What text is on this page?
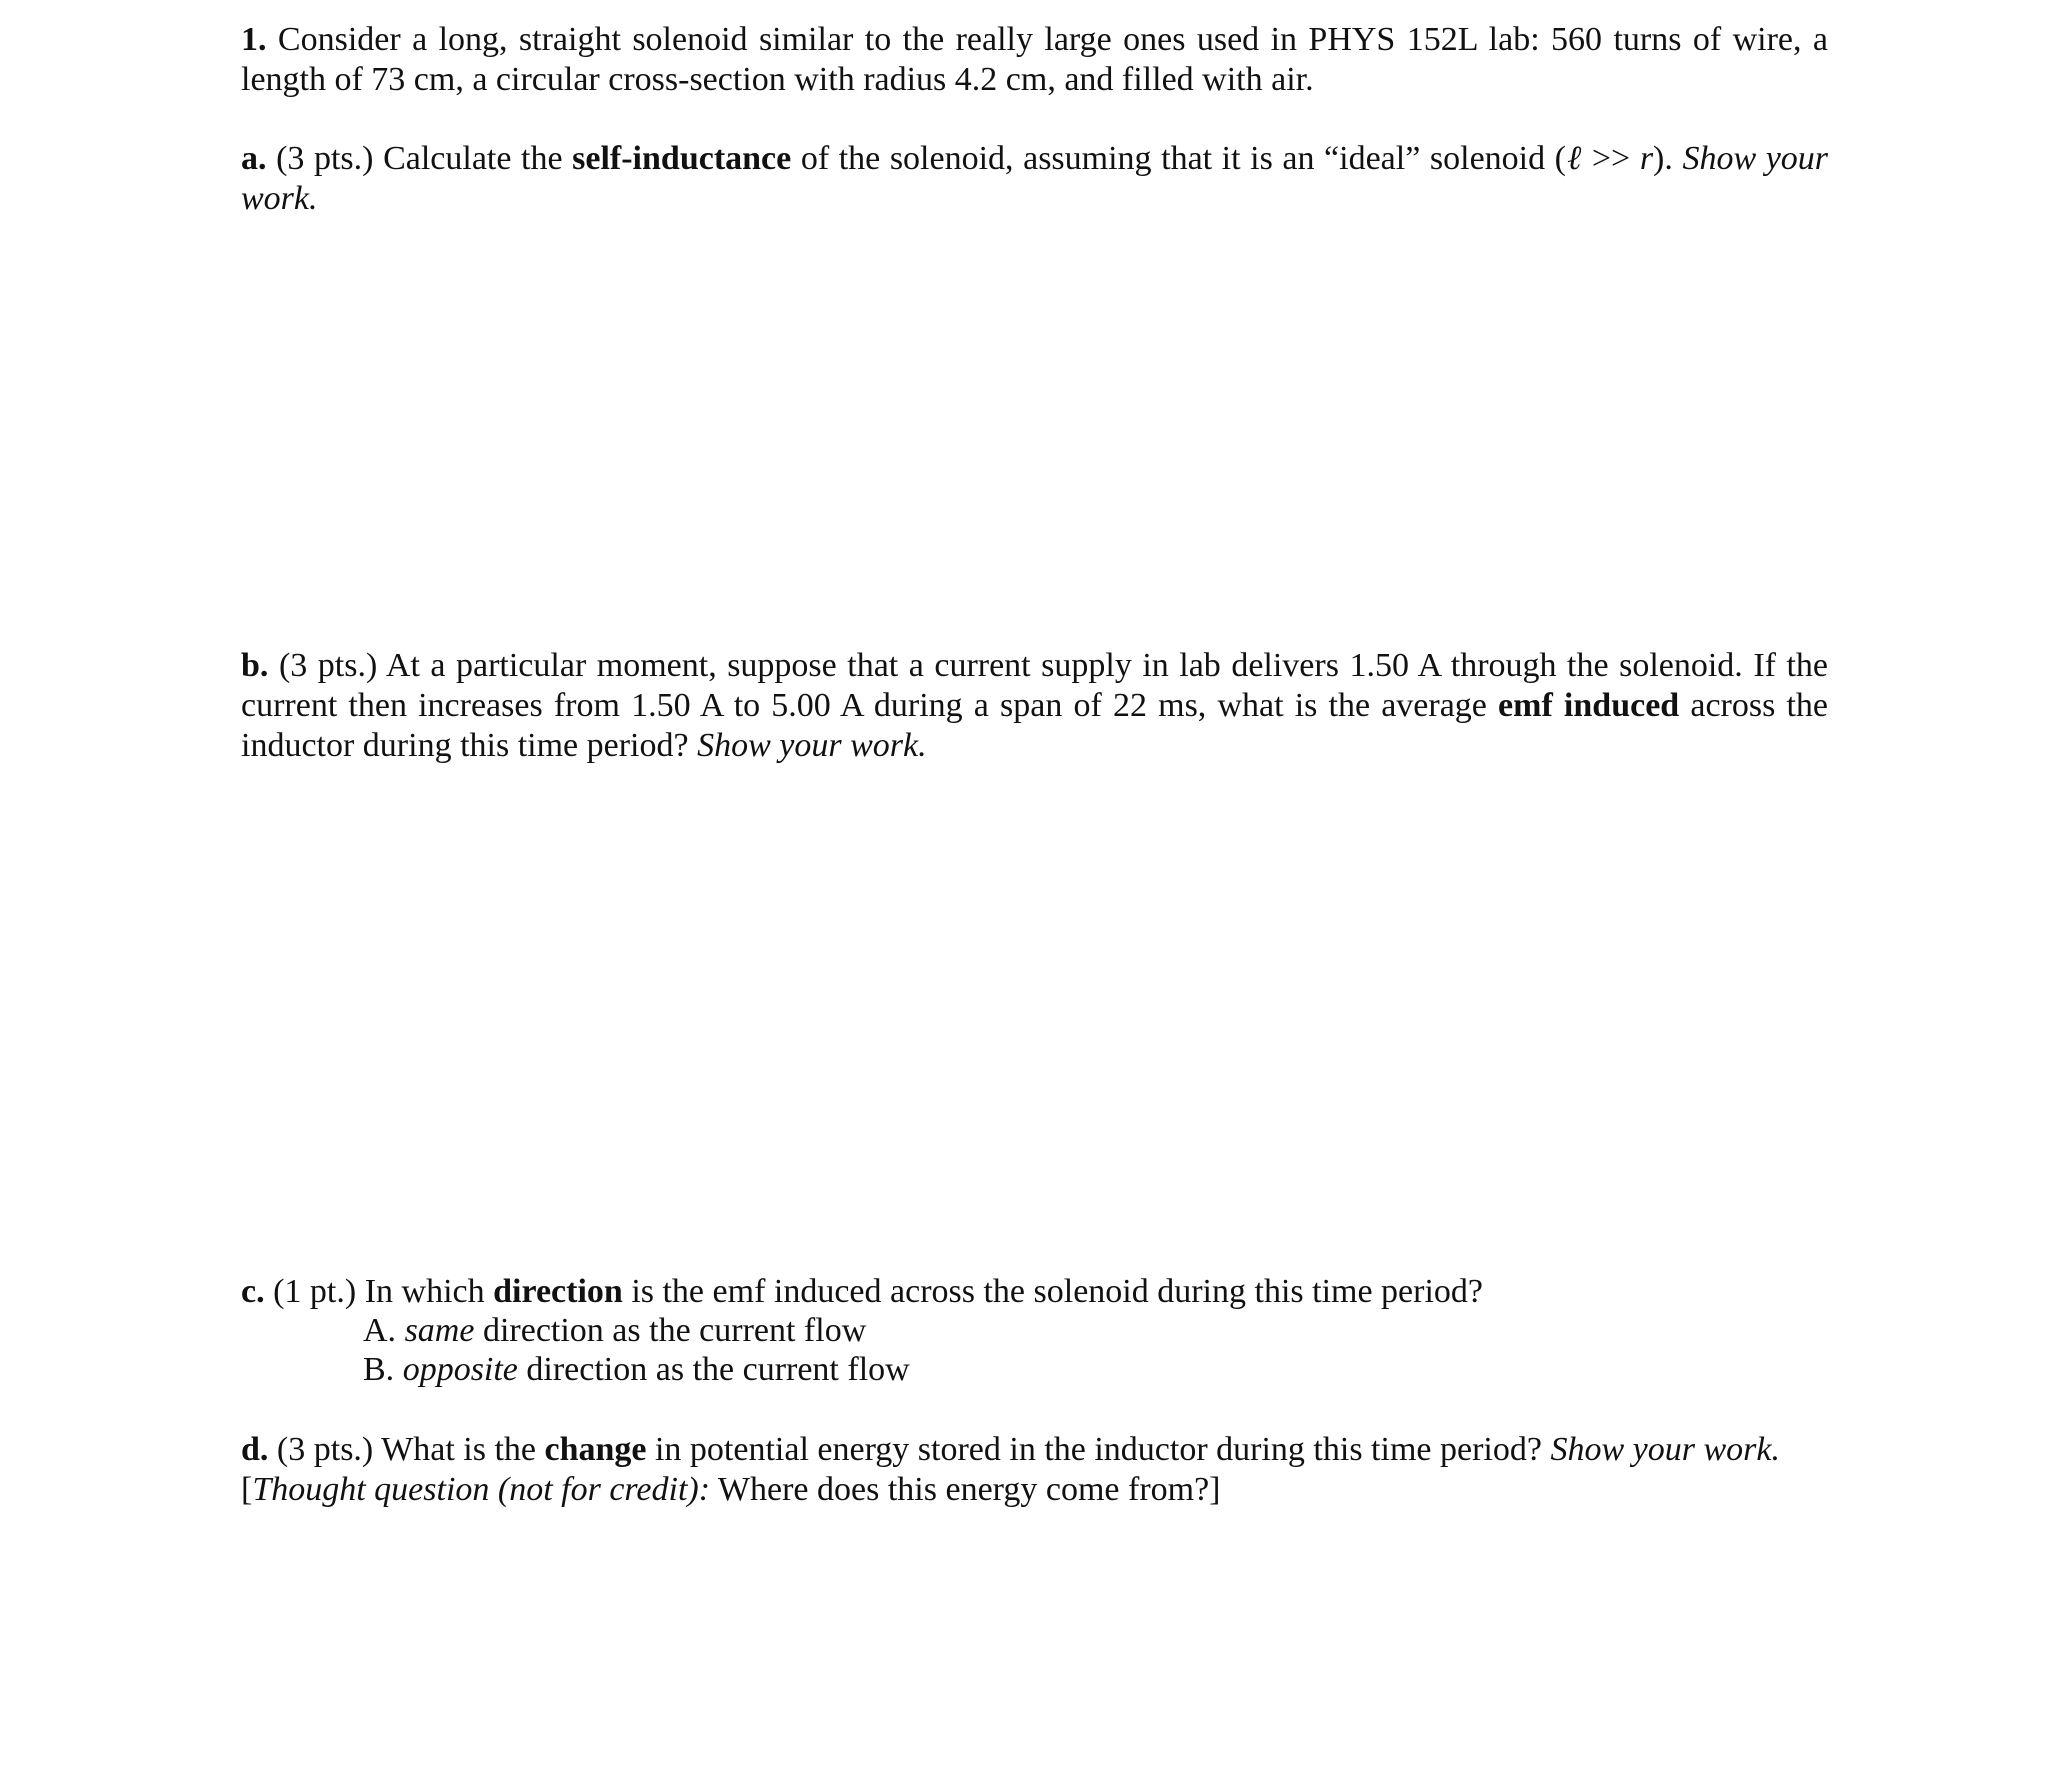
1. Consider a long, straight solenoid similar to the really large ones used in PHYS 152L lab: 560 turns of wire, a
length of 73 cm, a circular cross-section with radius 4.2 cm, and filled with air.
a. (3 pts.) Calculate the self-inductance of the solenoid, assuming that it is an “ideal” solenoid (ℓ >> r). Show your
work.
b. (3 pts.) At a particular moment, suppose that a current supply in lab delivers 1.50 A through the solenoid. If the
current then increases from 1.50 A to 5.00 A during a span of 22 ms, what is the average emf induced across the
inductor during this time period? Show your work.
c. (1 pt.) In which direction is the emf induced across the solenoid during this time period?
A. same direction as the current flow
B. opposite direction as the current flow
d. (3 pts.) What is the change in potential energy stored in the inductor during this time period? Show your work.
[Thought question (not for credit): Where does this energy come from?]
